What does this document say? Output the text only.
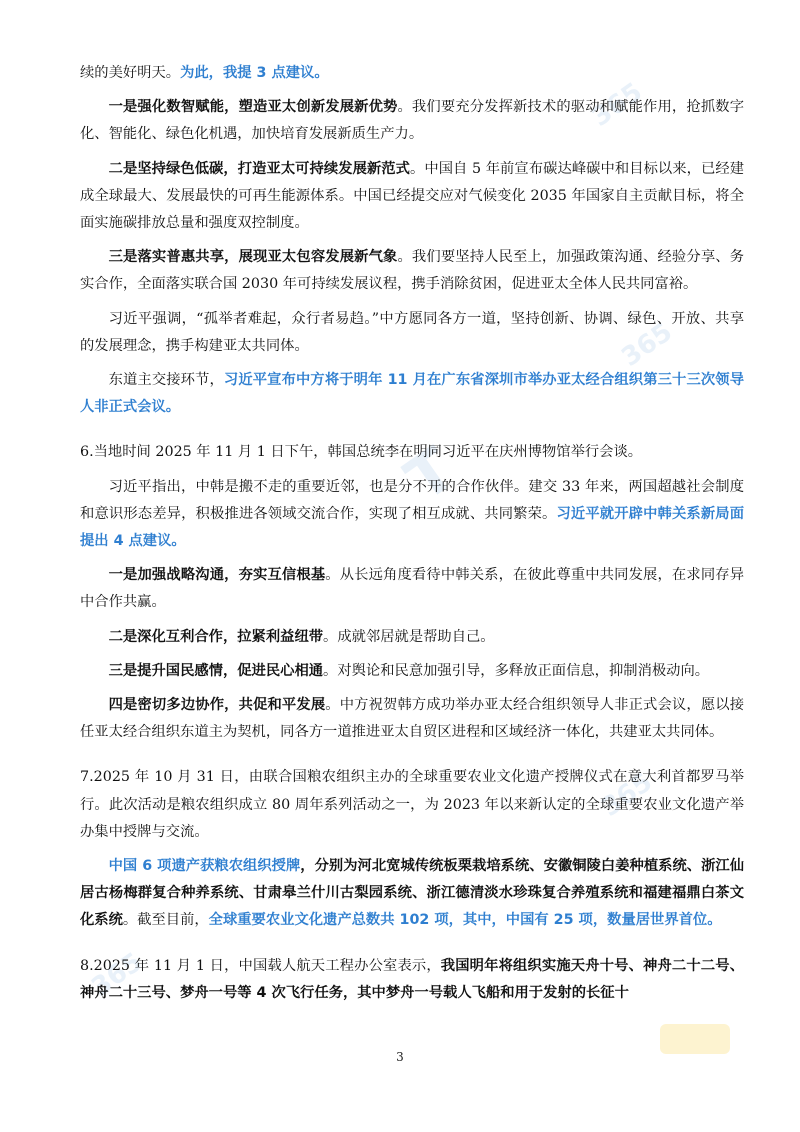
365
365
T
365
365

续的美好明天。为此，我提 3 点建议。

一是强化数智赋能，塑造亚太创新发展新优势。我们要充分发挥新技术的驱动和赋能作用，抢抓数字化、智能化、绿色化机遇，加快培育发展新质生产力。

二是坚持绿色低碳，打造亚太可持续发展新范式。中国自 5 年前宣布碳达峰碳中和目标以来，已经建成全球最大、发展最快的可再生能源体系。中国已经提交应对气候变化 2035 年国家自主贡献目标，将全面实施碳排放总量和强度双控制度。

三是落实普惠共享，展现亚太包容发展新气象。我们要坚持人民至上，加强政策沟通、经验分享、务实合作，全面落实联合国 2030 年可持续发展议程，携手消除贫困，促进亚太全体人民共同富裕。

习近平强调，“孤举者难起，众行者易趋。”中方愿同各方一道，坚持创新、协调、绿色、开放、共享的发展理念，携手构建亚太共同体。

东道主交接环节，习近平宣布中方将于明年 11 月在广东省深圳市举办亚太经合组织第三十三次领导人非正式会议。

6.当地时间 2025 年 11 月 1 日下午，韩国总统李在明同习近平在庆州博物馆举行会谈。

习近平指出，中韩是搬不走的重要近邻，也是分不开的合作伙伴。建交 33 年来，两国超越社会制度和意识形态差异，积极推进各领域交流合作，实现了相互成就、共同繁荣。习近平就开辟中韩关系新局面提出 4 点建议。

一是加强战略沟通，夯实互信根基。从长远角度看待中韩关系，在彼此尊重中共同发展，在求同存异中合作共赢。

二是深化互利合作，拉紧利益纽带。成就邻居就是帮助自己。

三是提升国民感情，促进民心相通。对舆论和民意加强引导，多释放正面信息，抑制消极动向。

四是密切多边协作，共促和平发展。中方祝贺韩方成功举办亚太经合组织领导人非正式会议，愿以接任亚太经合组织东道主为契机，同各方一道推进亚太自贸区进程和区域经济一体化，共建亚太共同体。

7.2025 年 10 月 31 日，由联合国粮农组织主办的全球重要农业文化遗产授牌仪式在意大利首都罗马举行。此次活动是粮农组织成立 80 周年系列活动之一，为 2023 年以来新认定的全球重要农业文化遗产举办集中授牌与交流。

中国 6 项遗产获粮农组织授牌，分别为河北宽城传统板栗栽培系统、安徽铜陵白姜种植系统、浙江仙居古杨梅群复合种养系统、甘肃皋兰什川古梨园系统、浙江德清淡水珍珠复合养殖系统和福建福鼎白茶文化系统。截至目前，全球重要农业文化遗产总数共 102 项，其中，中国有 25 项，数量居世界首位。

8.2025 年 11 月 1 日，中国载人航天工程办公室表示，我国明年将组织实施天舟十号、神舟二十二号、神舟二十三号、梦舟一号等 4 次飞行任务，其中梦舟一号载人飞船和用于发射的长征十

3
